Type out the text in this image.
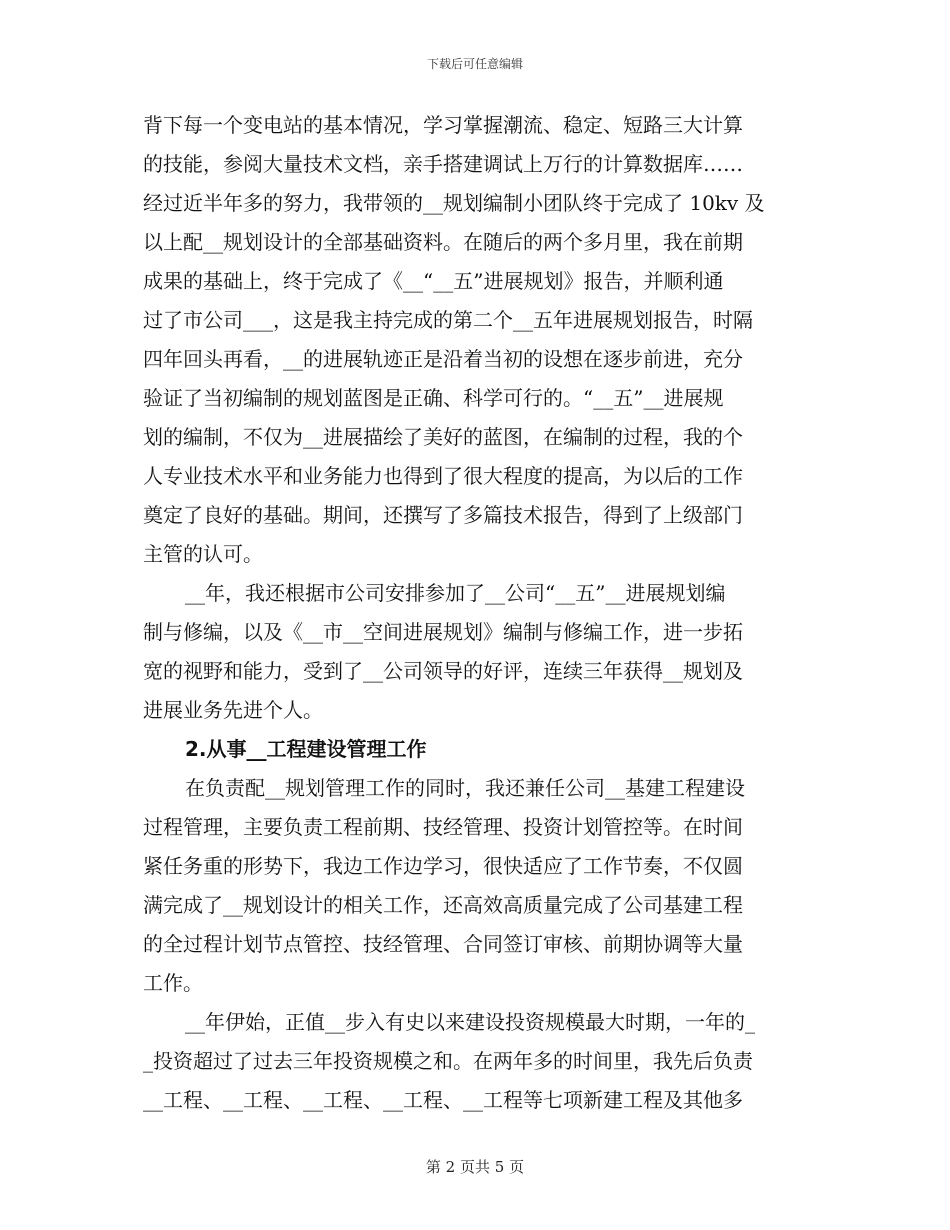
下载后可任意编辑
背下每一个变电站的基本情况，学习掌握潮流、稳定、短路三大计算
的技能，参阅大量技术文档，亲手搭建调试上万行的计算数据库……
经过近半年多的努力，我带领的__规划编制小团队终于完成了 10kv 及
以上配__规划设计的全部基础资料。在随后的两个多月里，我在前期
成果的基础上，终于完成了《__“__五”进展规划》报告，并顺利通
过了市公司___，这是我主持完成的第二个__五年进展规划报告，时隔
四年回头再看，__的进展轨迹正是沿着当初的设想在逐步前进，充分
验证了当初编制的规划蓝图是正确、科学可行的。“__五”__进展规
划的编制，不仅为__进展描绘了美好的蓝图，在编制的过程，我的个
人专业技术水平和业务能力也得到了很大程度的提高，为以后的工作
奠定了良好的基础。期间，还撰写了多篇技术报告，得到了上级部门
主管的认可。
__年，我还根据市公司安排参加了__公司“__五”__进展规划编
制与修编，以及《__市__空间进展规划》编制与修编工作，进一步拓
宽的视野和能力，受到了__公司领导的好评，连续三年获得__规划及
进展业务先进个人。
2.从事__工程建设管理工作
在负责配__规划管理工作的同时，我还兼任公司__基建工程建设
过程管理，主要负责工程前期、技经管理、投资计划管控等。在时间
紧任务重的形势下，我边工作边学习，很快适应了工作节奏，不仅圆
满完成了__规划设计的相关工作，还高效高质量完成了公司基建工程
的全过程计划节点管控、技经管理、合同签订审核、前期协调等大量
工作。
__年伊始，正值__步入有史以来建设投资规模最大时期，一年的_
_投资超过了过去三年投资规模之和。在两年多的时间里，我先后负责
__工程、__工程、__工程、__工程、__工程等七项新建工程及其他多
第 2 页共 5 页
